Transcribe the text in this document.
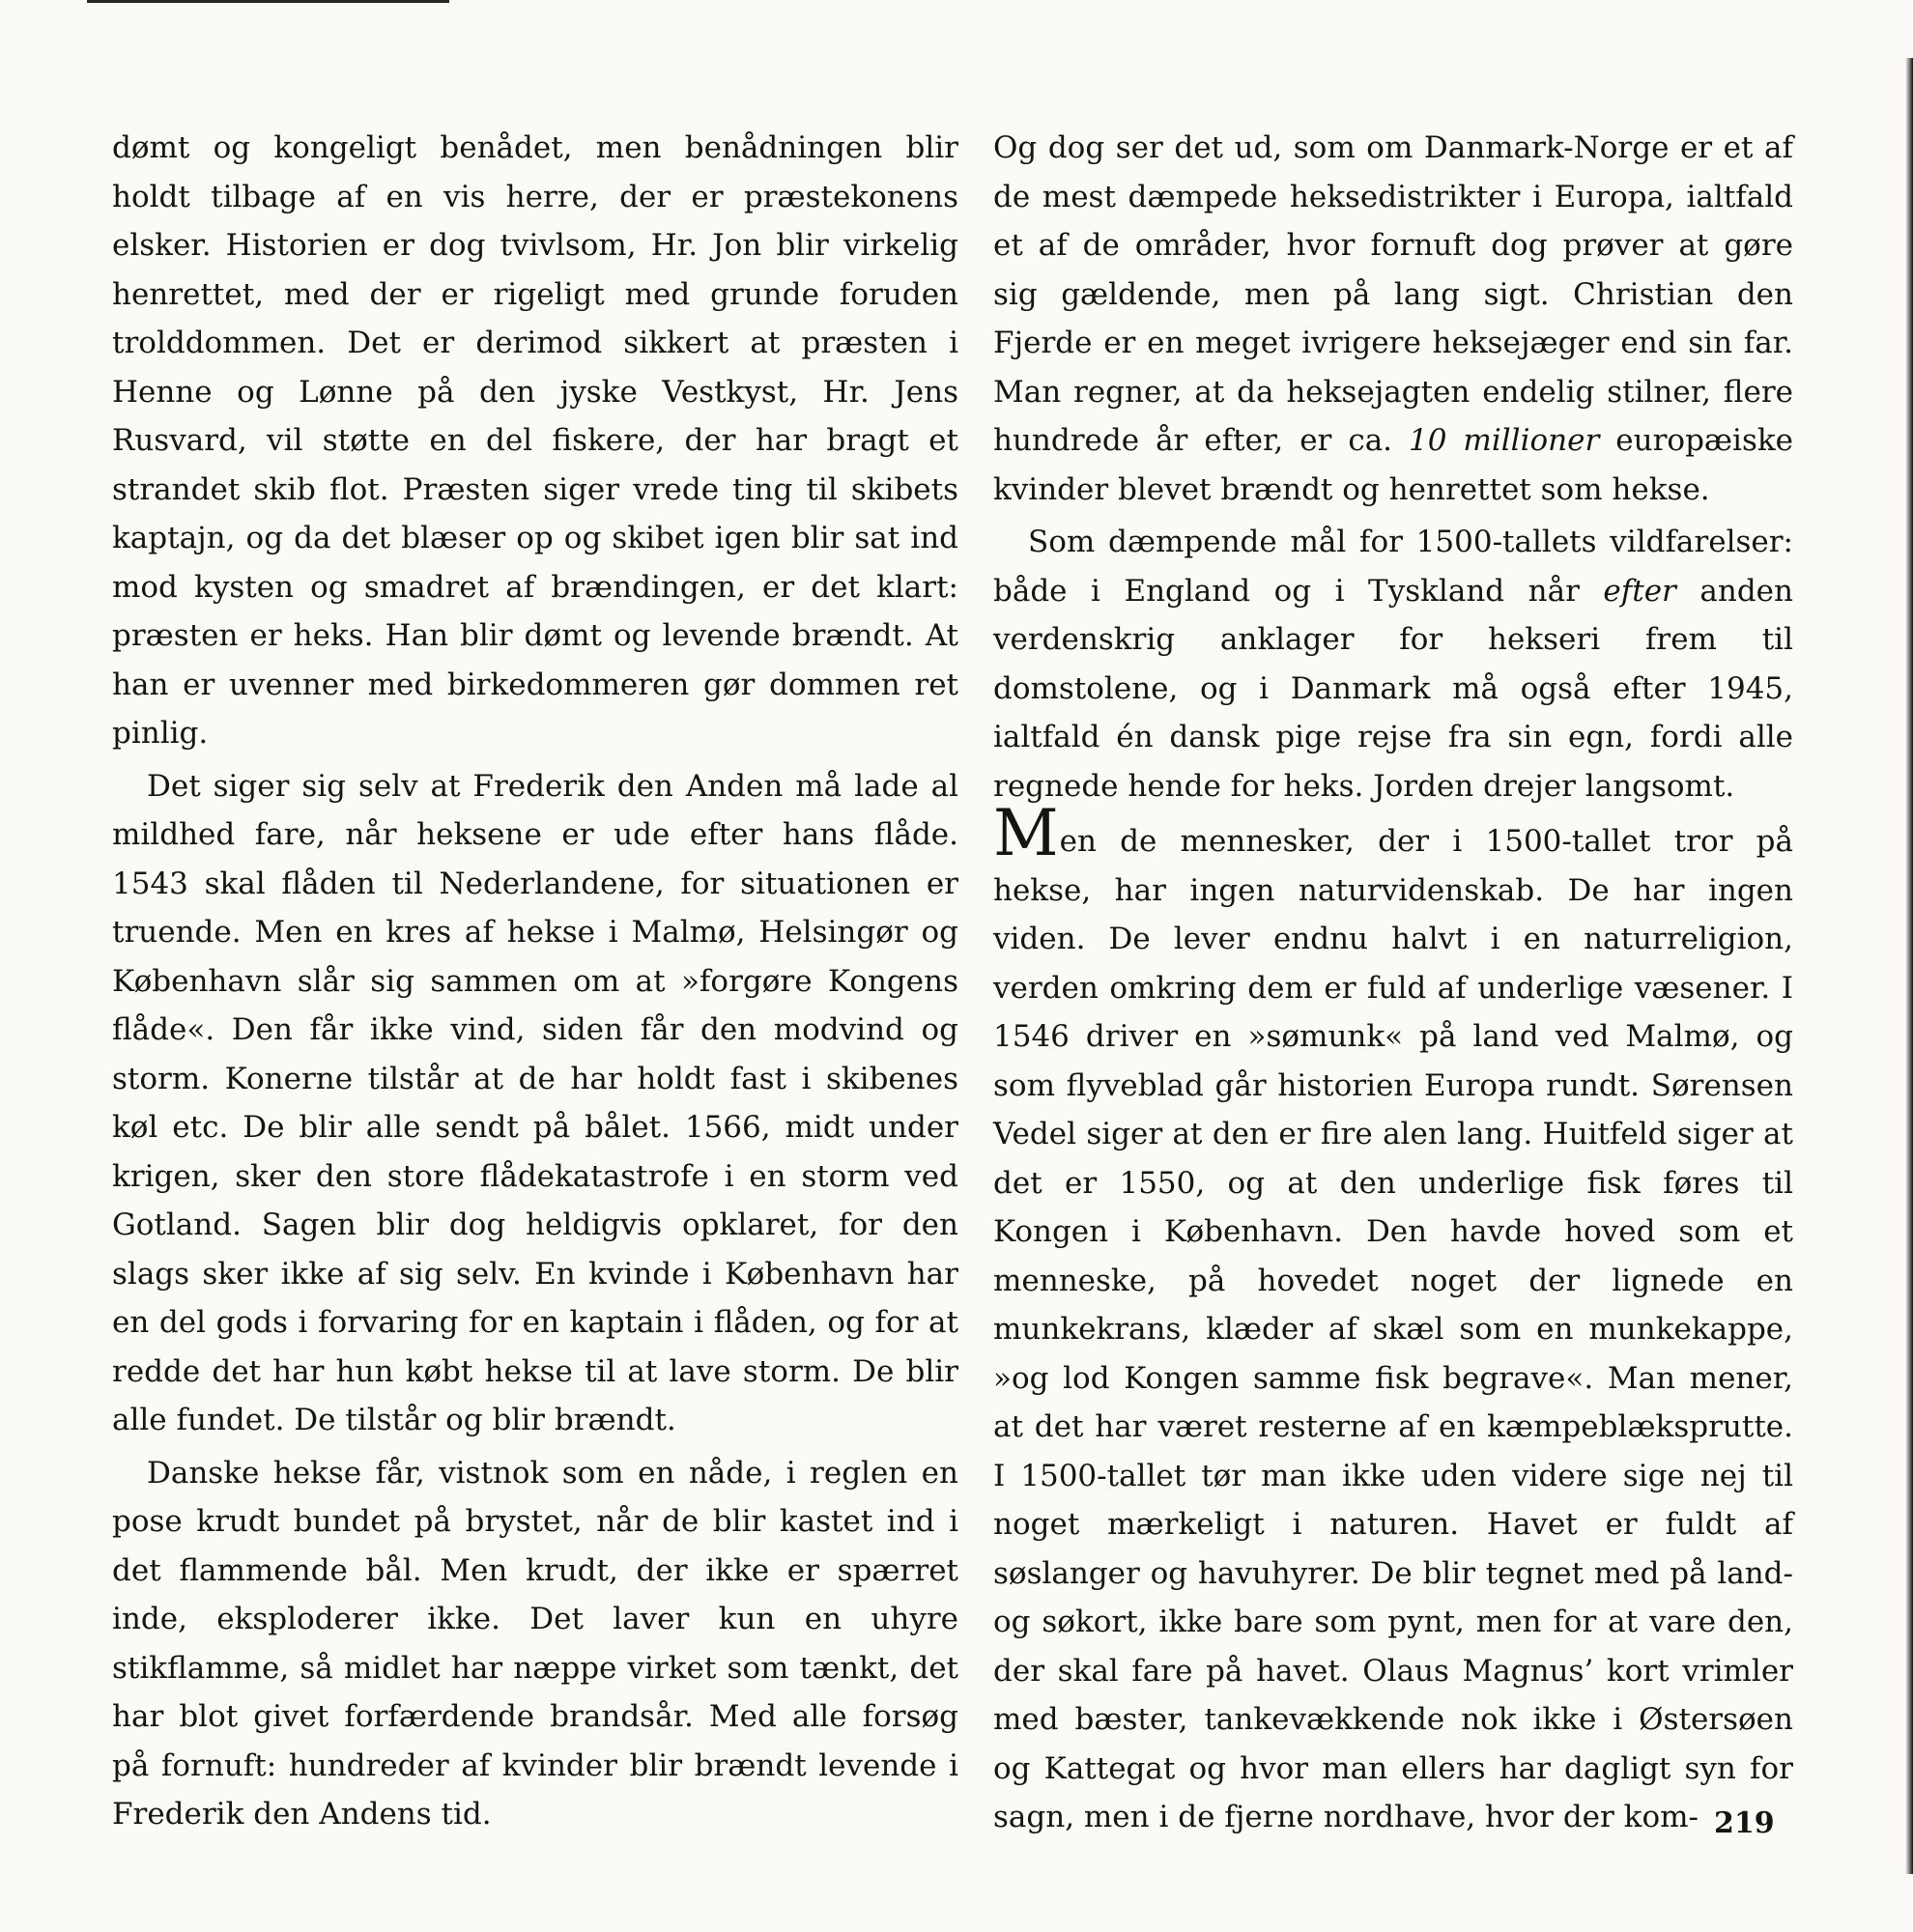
dømt og kongeligt benådet, men benådningen blir holdt tilbage af en vis herre, der er præstekonens elsker. Historien er dog tvivlsom, Hr. Jon blir virkelig henrettet, med der er rigeligt med grunde foruden trolddommen. Det er derimod sikkert at præsten i Henne og Lønne på den jyske Vestkyst, Hr. Jens Rusvard, vil støtte en del fiskere, der har bragt et strandet skib flot. Præsten siger vrede ting til skibets kaptajn, og da det blæser op og skibet igen blir sat ind mod kysten og smadret af brændingen, er det klart: præsten er heks. Han blir dømt og levende brændt. At han er uvenner med birkedommeren gør dommen ret pinlig.

Det siger sig selv at Frederik den Anden må lade al mildhed fare, når heksene er ude efter hans flåde. 1543 skal flåden til Nederlandene, for situationen er truende. Men en kres af hekse i Malmø, Helsingør og København slår sig sammen om at »forgøre Kongens flåde«. Den får ikke vind, siden får den modvind og storm. Konerne tilstår at de har holdt fast i skibenes køl etc. De blir alle sendt på bålet. 1566, midt under krigen, sker den store flådekatastrofe i en storm ved Gotland. Sagen blir dog heldigvis opklaret, for den slags sker ikke af sig selv. En kvinde i København har en del gods i forvaring for en kaptain i flåden, og for at redde det har hun købt hekse til at lave storm. De blir alle fundet. De tilstår og blir brændt.

Danske hekse får, vistnok som en nåde, i reglen en pose krudt bundet på brystet, når de blir kastet ind i det flammende bål. Men krudt, der ikke er spærret inde, eksploderer ikke. Det laver kun en uhyre stikflamme, så midlet har næppe virket som tænkt, det har blot givet forfærdende brandsår. Med alle forsøg på fornuft: hundreder af kvinder blir brændt levende i Frederik den Andens tid.

Og dog ser det ud, som om Danmark-Norge er et af de mest dæmpede heksedistrikter i Europa, ialtfald et af de områder, hvor fornuft dog prøver at gøre sig gældende, men på lang sigt. Christian den Fjerde er en meget ivrigere heksejæger end sin far. Man regner, at da heksejagten endelig stilner, flere hundrede år efter, er ca. 10 millioner europæiske kvinder blevet brændt og henrettet som hekse.

Som dæmpende mål for 1500-tallets vildfarelser: både i England og i Tyskland når efter anden verdenskrig anklager for hekseri frem til domstolene, og i Danmark må også efter 1945, ialtfald én dansk pige rejse fra sin egn, fordi alle regnede hende for heks. Jorden drejer langsomt.

Men de mennesker, der i 1500-tallet tror på hekse, har ingen naturvidenskab. De har ingen viden. De lever endnu halvt i en naturreligion, verden omkring dem er fuld af underlige væsener. I 1546 driver en »sømunk« på land ved Malmø, og som flyveblad går historien Europa rundt. Sørensen Vedel siger at den er fire alen lang. Huitfeld siger at det er 1550, og at den underlige fisk føres til Kongen i København. Den havde hoved som et menneske, på hovedet noget der lignede en munkekrans, klæder af skæl som en munkekappe, »og lod Kongen samme fisk begrave«. Man mener, at det har været resterne af en kæmpeblæksprutte. I 1500-tallet tør man ikke uden videre sige nej til noget mærkeligt i naturen. Havet er fuldt af søslanger og havuhyrer. De blir tegnet med på land- og søkort, ikke bare som pynt, men for at vare den, der skal fare på havet. Olaus Magnus’ kort vrimler med bæster, tankevækkende nok ikke i Østersøen og Kattegat og hvor man ellers har dagligt syn for sagn, men i de fjerne nordhave, hvor der kom- 219
